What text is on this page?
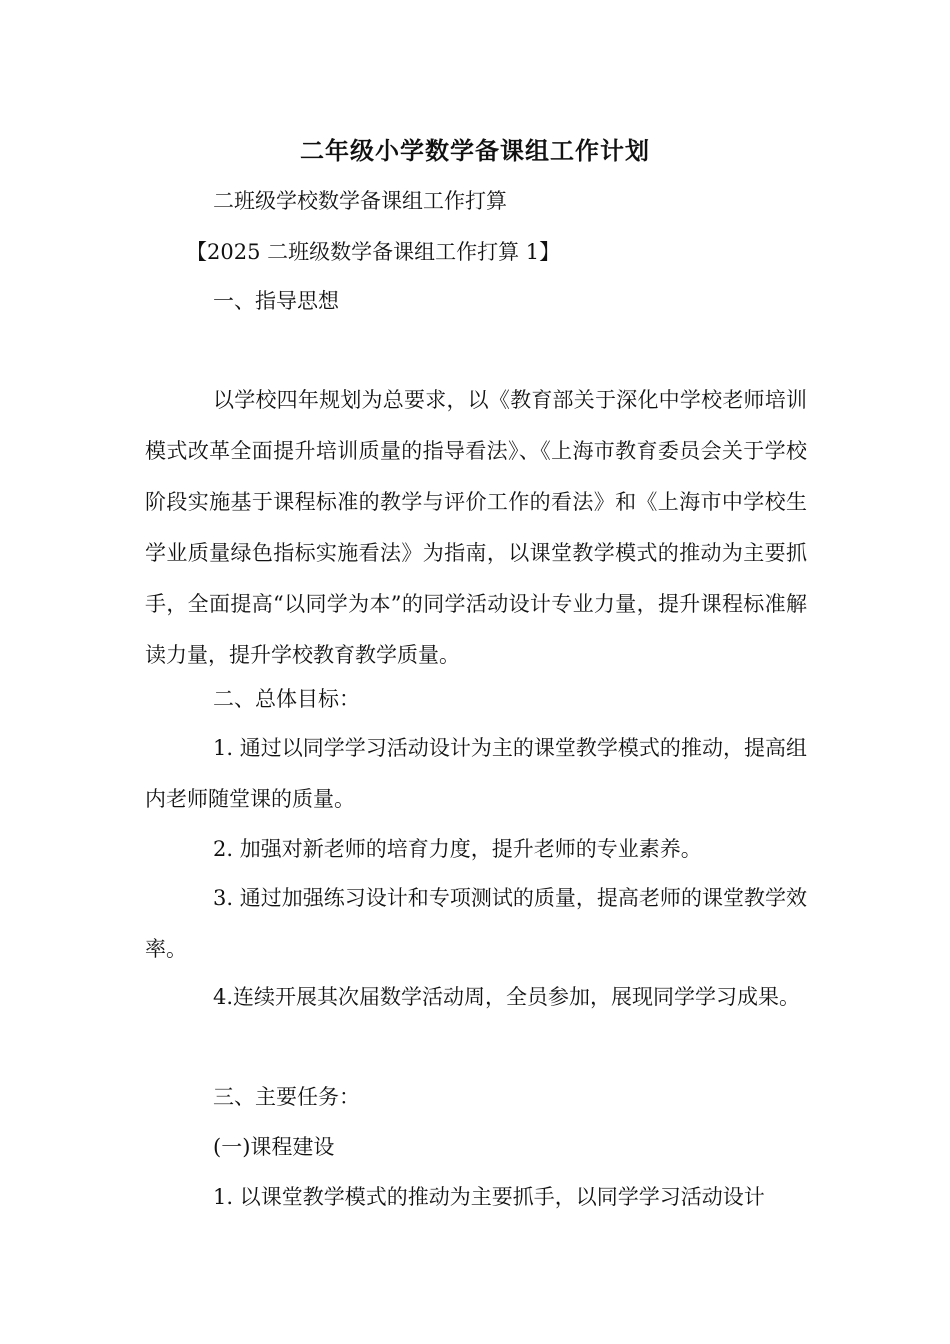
二年级小学数学备课组工作计划
二班级学校数学备课组工作打算
【2025 二班级数学备课组工作打算 1】
一、指导思想
以学校四年规划为总要求，以《教育部关于深化中学校老师培训模式改革全面提升培训质量的指导看法》、《上海市教育委员会关于学校阶段实施基于课程标准的教学与评价工作的看法》和《上海市中学校生学业质量绿色指标实施看法》为指南，以课堂教学模式的推动为主要抓手，全面提高“以同学为本”的同学活动设计专业力量，提升课程标准解读力量，提升学校教育教学质量。
二、总体目标：
1. 通过以同学学习活动设计为主的课堂教学模式的推动，提高组内老师随堂课的质量。
2. 加强对新老师的培育力度，提升老师的专业素养。
3. 通过加强练习设计和专项测试的质量，提高老师的课堂教学效率。
4.连续开展其次届数学活动周，全员参加，展现同学学习成果。
三、主要任务：
(一)课程建设
1. 以课堂教学模式的推动为主要抓手，以同学学习活动设计
